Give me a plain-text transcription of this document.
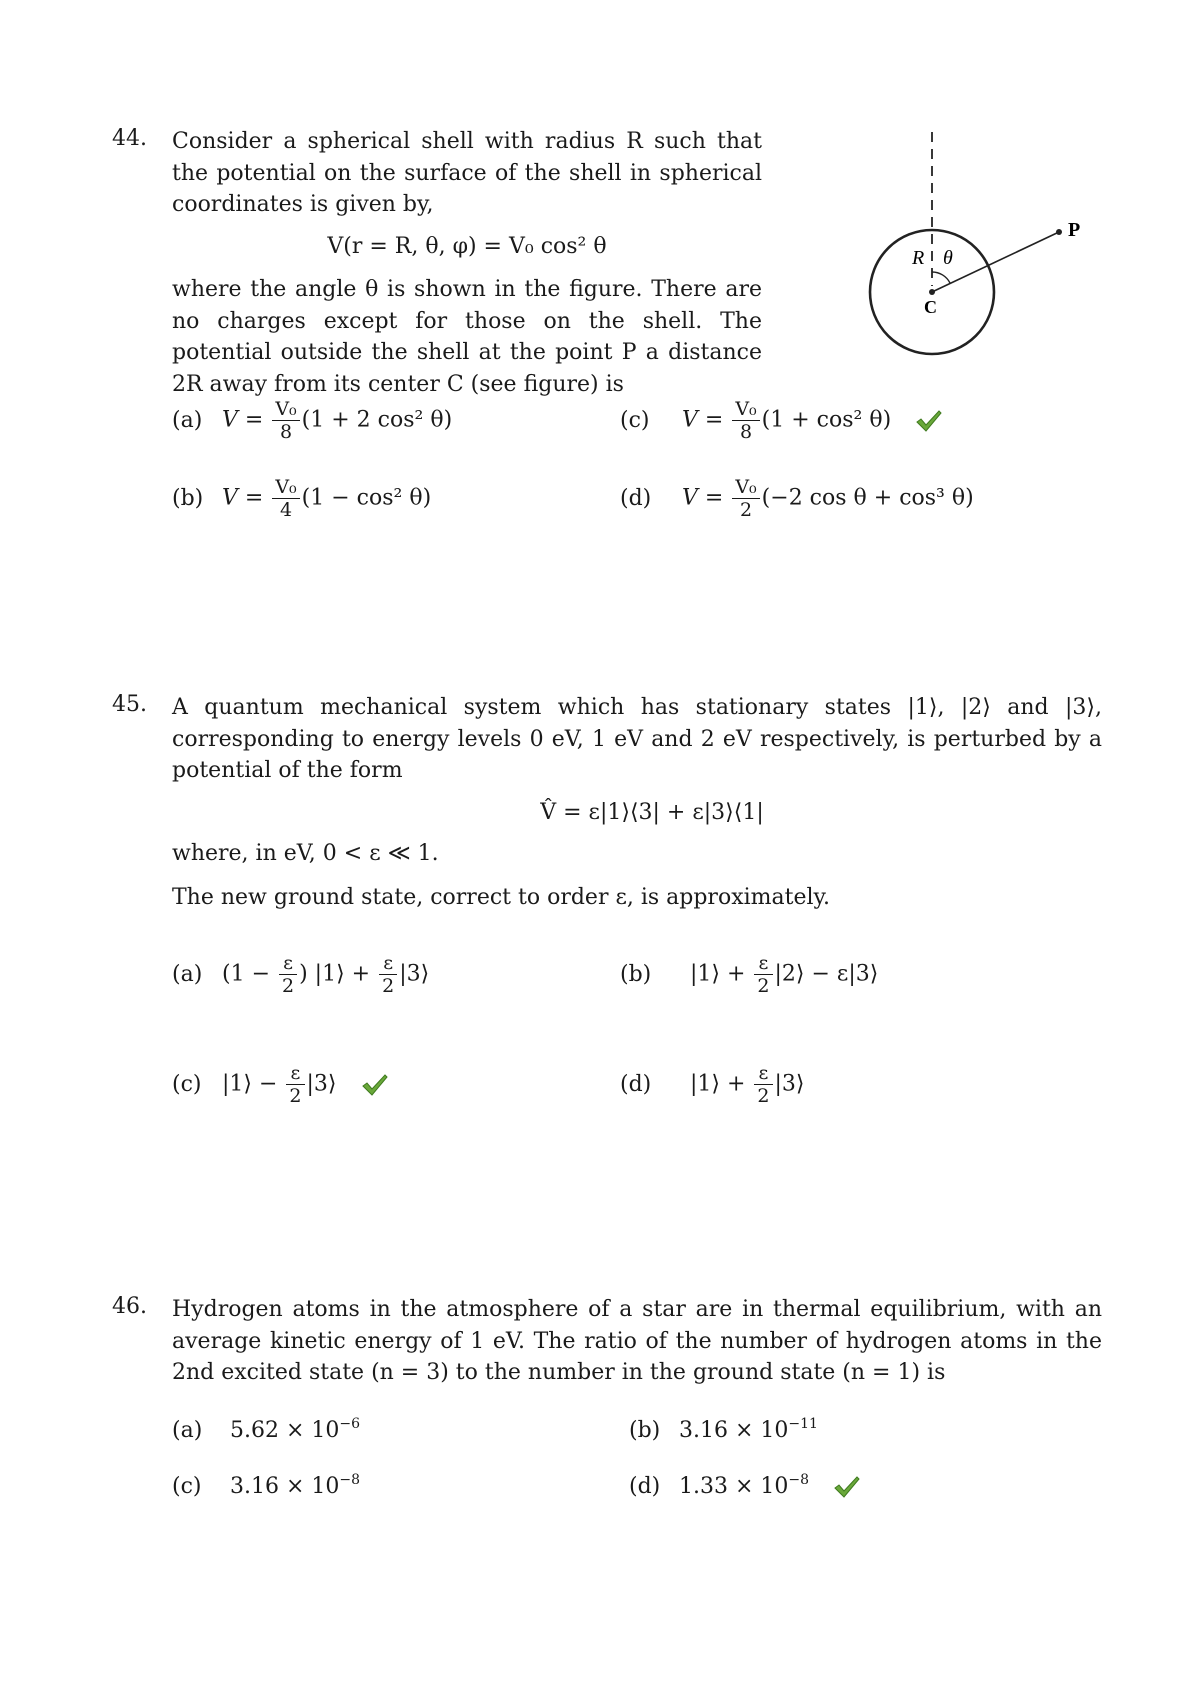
44. Consider a spherical shell with radius R such that the potential on the surface of the shell in spherical coordinates is given by,
V(r = R, θ, φ) = V₀ cos² θ
where the angle θ is shown in the figure. There are no charges except for those on the shell. The potential outside the shell at the point P a distance 2R away from its center C (see figure) is
R θ
C
P
(a) $V = \frac{\text{V₀}}{8} (1 + 2$ cos² θ)
(b) $V = \frac{\text{V₀}}{4} (1 - \cos^2$ θ)
(c) $V = \frac{\text{V₀}}{8} (1 + \cos^2$ θ)
(d) $V = \frac{\text{V₀}}{2} (-2$ cos θ + cos³ θ)
45. A quantum mechanical system which has stationary states |1⟩, |2⟩ and |3⟩, corresponding to energy levels 0 eV, 1 eV and 2 eV respectively, is perturbed by a potential of the form
V̂ = ε|1⟩⟨3| + ε|3⟩⟨1|
where, in eV, 0 < ε ≪ 1.
The new ground state, correct to order ε, is approximately.
(a) ($1 - \frac{\varepsilon}{2}$ ) |1⟩ + $\frac{\varepsilon}{2}$ |3⟩	(b) |1⟩ + $\frac{\varepsilon}{2}$ |2⟩ − ε|3⟩
(c) |1⟩ − $\frac{\varepsilon}{2}$ |3⟩	(d) |1⟩ + $\frac{\varepsilon}{2}$ |3⟩
46. Hydrogen atoms in the atmosphere of a star are in thermal equilibrium, with an average kinetic energy of 1 eV. The ratio of the number of hydrogen atoms in the 2nd excited state (n = 3) to the number in the ground state (n = 1) is
(a) $5.62 \times 10^{-6}$	(b) $3.16 \times 10^{-11}$
(c) $3.16 \times 10^{-8}$	(d) $1.33 \times 10^{-8}$
